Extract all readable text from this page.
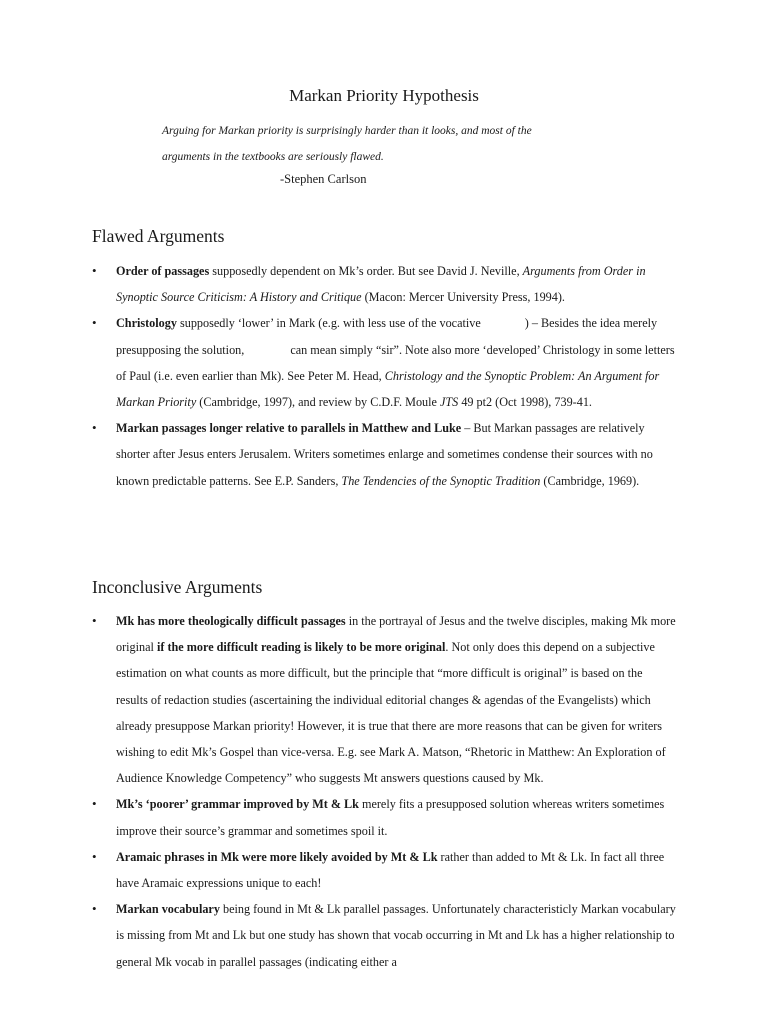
Markan Priority Hypothesis

Arguing for Markan priority is surprisingly harder than it looks, and most of the
arguments in the textbooks are seriously flawed.

-Stephen Carlson

Flawed Arguments
• Order of passages supposedly dependent on Mk’s order. But see David J. Neville, Arguments from Order in Synoptic Source Criticism: A History and Critique (Macon: Mercer University Press, 1994).
• Christology supposedly ‘lower’ in Mark (e.g. with less use of the vocative	) – Besides the idea merely presupposing the solution,	can mean simply “sir”. Note also more ‘developed’ Christology in some letters of Paul (i.e. even earlier than Mk). See Peter M. Head, Christology and the Synoptic Problem: An Argument for Markan Priority (Cambridge, 1997), and review by C.D.F. Moule JTS 49 pt2 (Oct 1998), 739-41.
• Markan passages longer relative to parallels in Matthew and Luke – But Markan passages are relatively shorter after Jesus enters Jerusalem. Writers sometimes enlarge and sometimes condense their sources with no known predictable patterns. See E.P. Sanders, The Tendencies of the Synoptic Tradition (Cambridge, 1969).
Inconclusive Arguments
• Mk has more theologically difficult passages in the portrayal of Jesus and the twelve disciples, making Mk more original if the more difficult reading is likely to be more original. Not only does this depend on a subjective estimation on what counts as more difficult, but the principle that “more difficult is original” is based on the results of redaction studies (ascertaining the individual editorial changes & agendas of the Evangelists) which already presuppose Markan priority! However, it is true that there are more reasons that can be given for writers wishing to edit Mk’s Gospel than vice-versa. E.g. see Mark A. Matson, “Rhetoric in Matthew: An Exploration of Audience Knowledge Competency” who suggests Mt answers questions caused by Mk.
• Mk’s ‘poorer’ grammar improved by Mt & Lk merely fits a presupposed solution whereas writers sometimes improve their source’s grammar and sometimes spoil it.
• Aramaic phrases in Mk were more likely avoided by Mt & Lk rather than added to Mt & Lk. In fact all three have Aramaic expressions unique to each!
• Markan vocabulary being found in Mt & Lk parallel passages. Unfortunately characteristicly Markan vocabulary is missing from Mt and Lk but one study has shown that vocab occurring in Mt and Lk has a higher relationship to general Mk vocab in parallel passages (indicating either a
